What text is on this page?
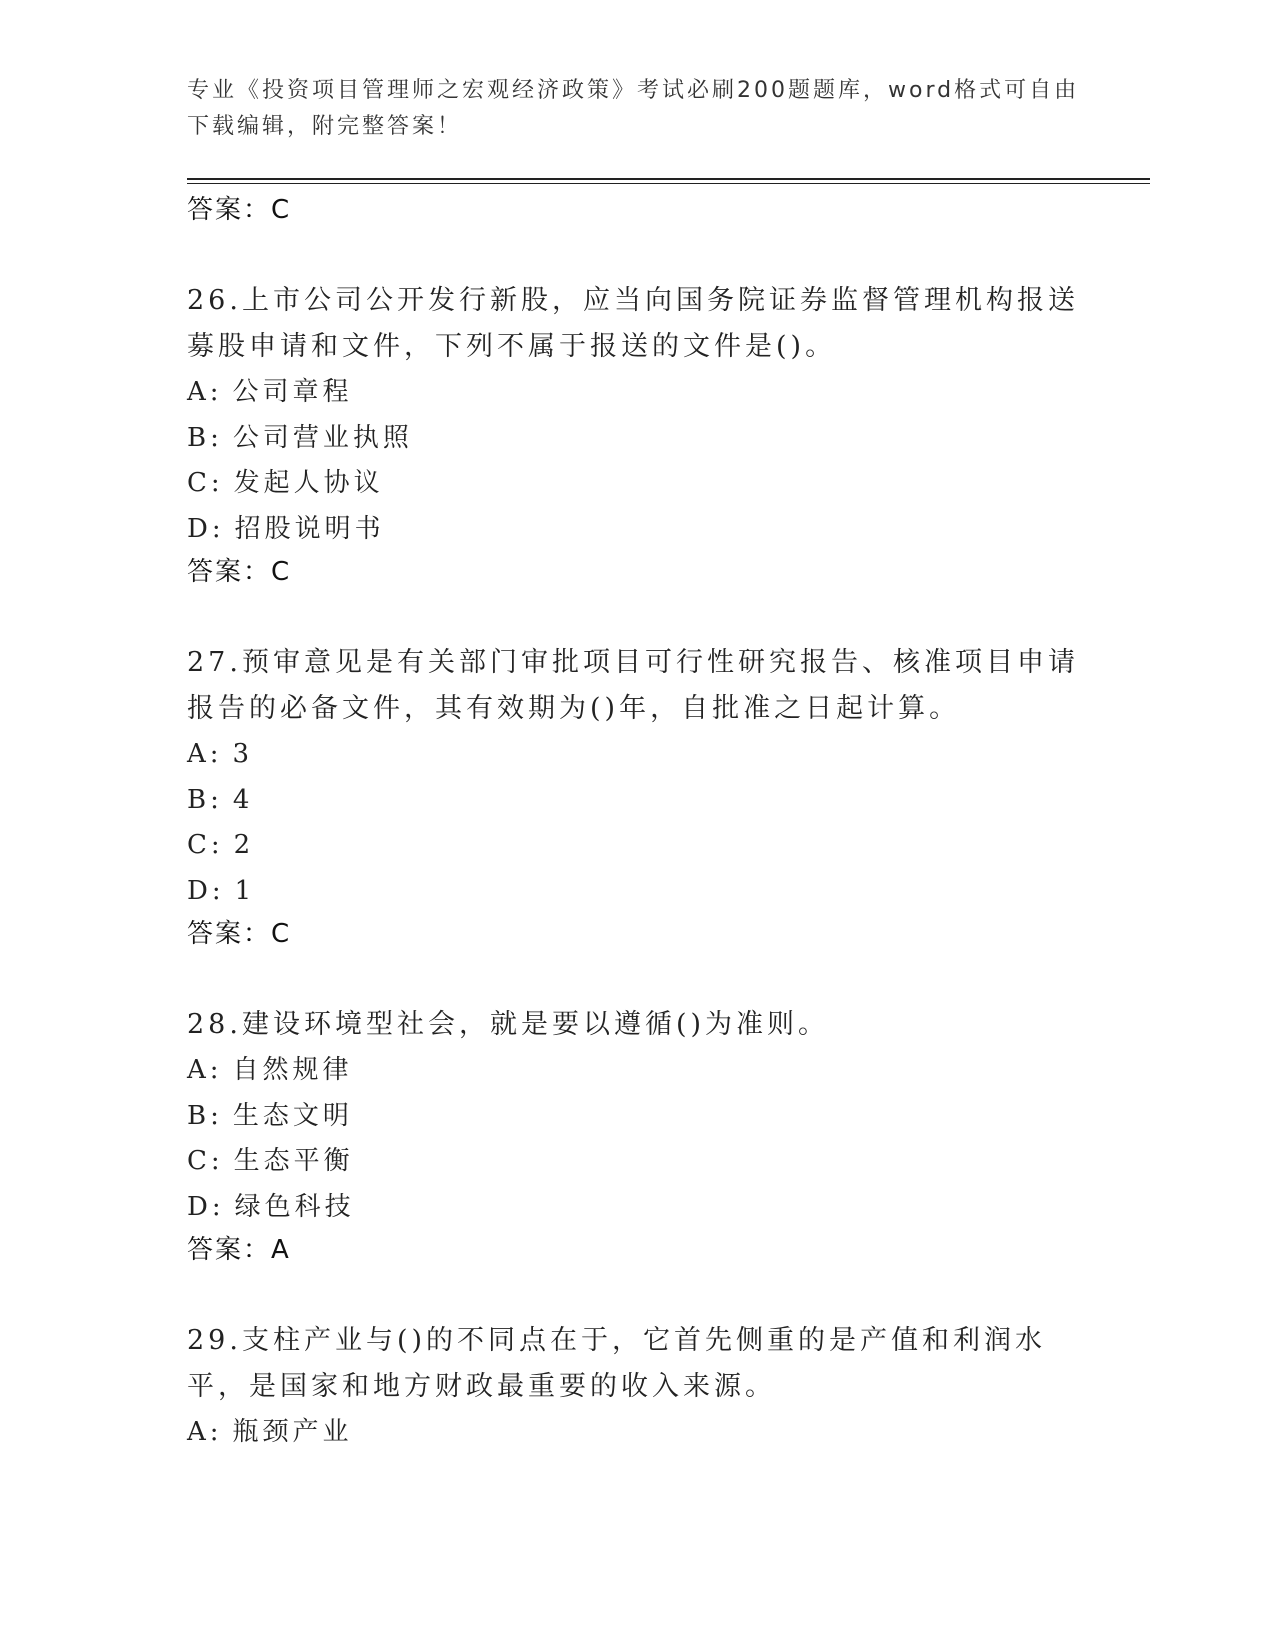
专业《投资项目管理师之宏观经济政策》考试必刷200题题库，word格式可自由下载编辑，附完整答案！

答案：C

26.上市公司公开发行新股，应当向国务院证券监督管理机构报送募股申请和文件，下列不属于报送的文件是()。

A: 公司章程

B: 公司营业执照

C: 发起人协议

D: 招股说明书

答案：C

27.预审意见是有关部门审批项目可行性研究报告、核准项目申请报告的必备文件，其有效期为()年，自批准之日起计算。

A: 3

B: 4

C: 2

D: 1

答案：C

28.建设环境型社会，就是要以遵循()为准则。

A: 自然规律

B: 生态文明

C: 生态平衡

D: 绿色科技

答案：A

29.支柱产业与()的不同点在于，它首先侧重的是产值和利润水平，是国家和地方财政最重要的收入来源。

A: 瓶颈产业
